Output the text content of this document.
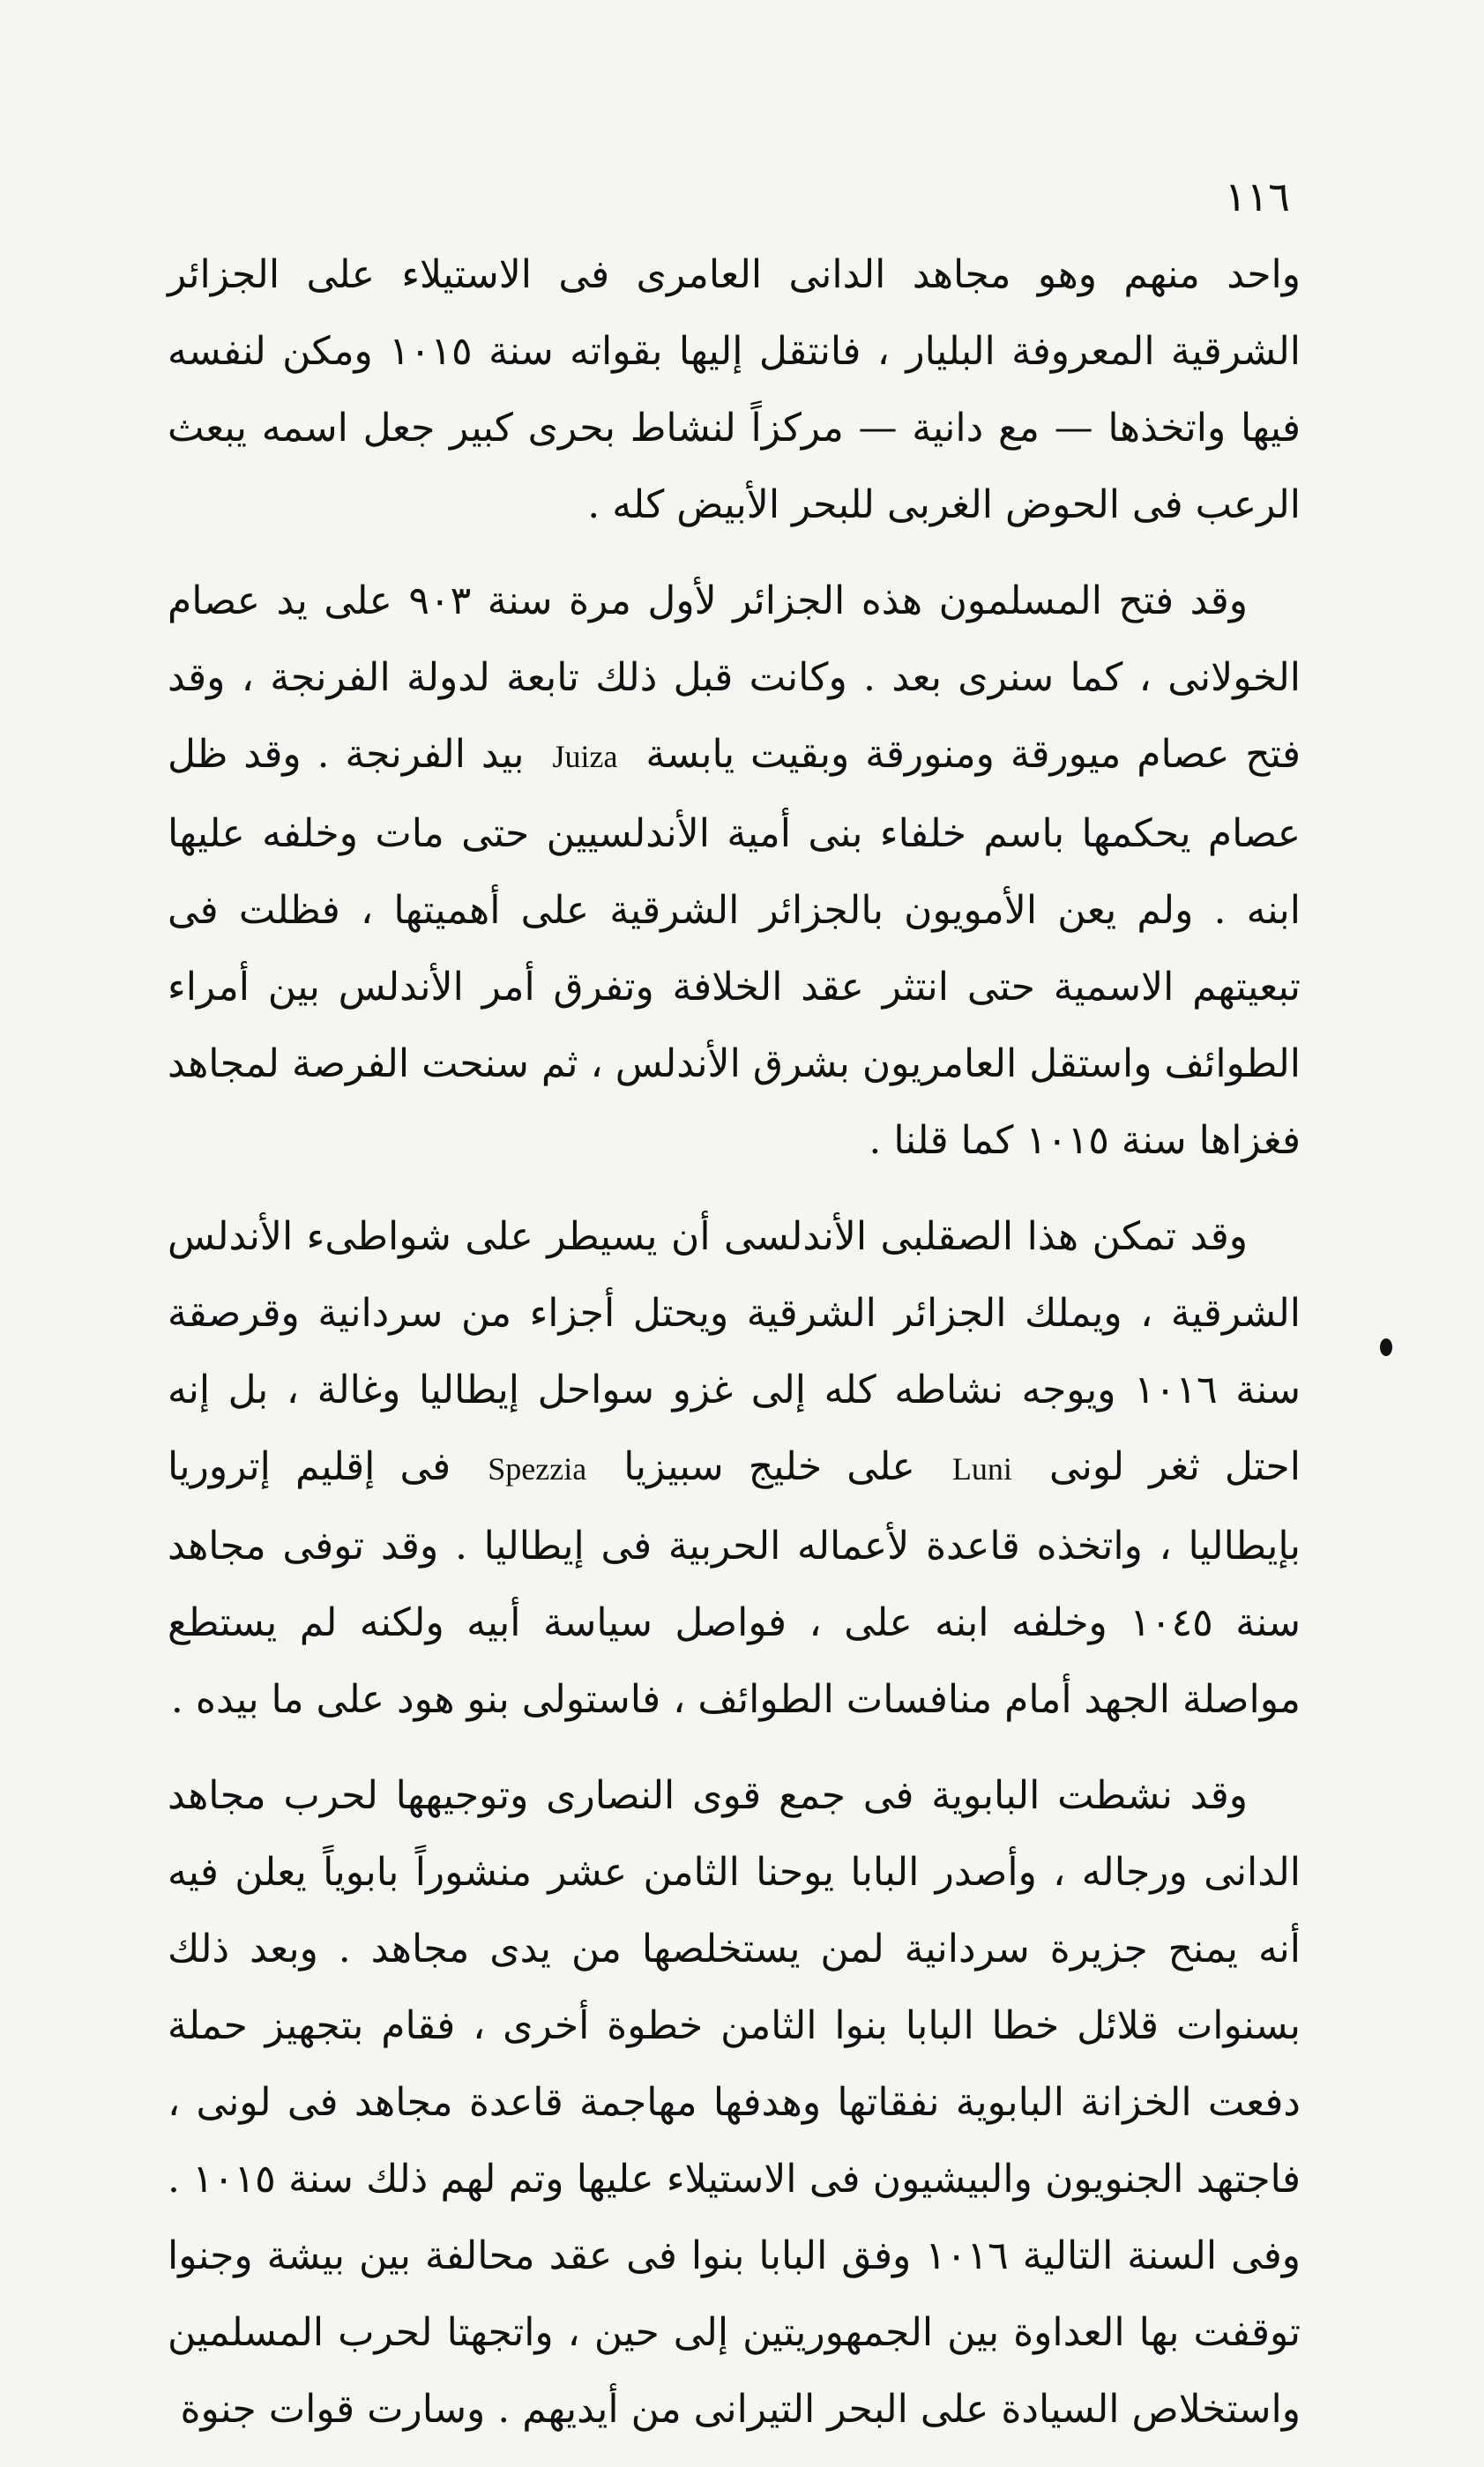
١١٦

واحد منهم وهو مجاهد الدانى العامرى فى الاستيلاء على الجزائر الشرقية المعروفة البليار ، فانتقل إليها بقواته سنة ١٠١٥ ومكن لنفسه فيها واتخذها — مع دانية — مركزاً لنشاط بحرى كبير جعل اسمه يبعث الرعب فى الحوض الغربى للبحر الأبيض كله .

وقد فتح المسلمون هذه الجزائر لأول مرة سنة ٩٠٣ على يد عصام الخولانى ، كما سنرى بعد . وكانت قبل ذلك تابعة لدولة الفرنجة ، وقد فتح عصام ميورقة ومنورقة وبقيت يابسة Juiza بيد الفرنجة . وقد ظل عصام يحكمها باسم خلفاء بنى أمية الأندلسيين حتى مات وخلفه عليها ابنه . ولم يعن الأمويون بالجزائر الشرقية على أهميتها ، فظلت فى تبعيتهم الاسمية حتى انتثر عقد الخلافة وتفرق أمر الأندلس بين أمراء الطوائف واستقل العامريون بشرق الأندلس ، ثم سنحت الفرصة لمجاهد فغزاها سنة ١٠١٥ كما قلنا .

وقد تمكن هذا الصقلبى الأندلسى أن يسيطر على شواطىء الأندلس الشرقية ، ويملك الجزائر الشرقية ويحتل أجزاء من سردانية وقرصقة سنة ١٠١٦ ويوجه نشاطه كله إلى غزو سواحل إيطاليا وغالة ، بل إنه احتل ثغر لونى Luni على خليج سبيزيا Spezzia فى إقليم إتروريا بإيطاليا ، واتخذه قاعدة لأعماله الحربية فى إيطاليا . وقد توفى مجاهد سنة ١٠٤٥ وخلفه ابنه على ، فواصل سياسة أبيه ولكنه لم يستطع مواصلة الجهد أمام منافسات الطوائف ، فاستولى بنو هود على ما بيده .

وقد نشطت البابوية فى جمع قوى النصارى وتوجيهها لحرب مجاهد الدانى ورجاله ، وأصدر البابا يوحنا الثامن عشر منشوراً بابوياً يعلن فيه أنه يمنح جزيرة سردانية لمن يستخلصها من يدى مجاهد . وبعد ذلك بسنوات قلائل خطا البابا بنوا الثامن خطوة أخرى ، فقام بتجهيز حملة دفعت الخزانة البابوية نفقاتها وهدفها مهاجمة قاعدة مجاهد فى لونى ، فاجتهد الجنويون والبيشيون فى الاستيلاء عليها وتم لهم ذلك سنة ١٠١٥ . وفى السنة التالية ١٠١٦ وفق البابا بنوا فى عقد محالفة بين بيشة وجنوا توقفت بها العداوة بين الجمهوريتين إلى حين ، واتجهتا لحرب المسلمين واستخلاص السيادة على البحر التيرانى من أيديهم . وسارت قوات جنوة
